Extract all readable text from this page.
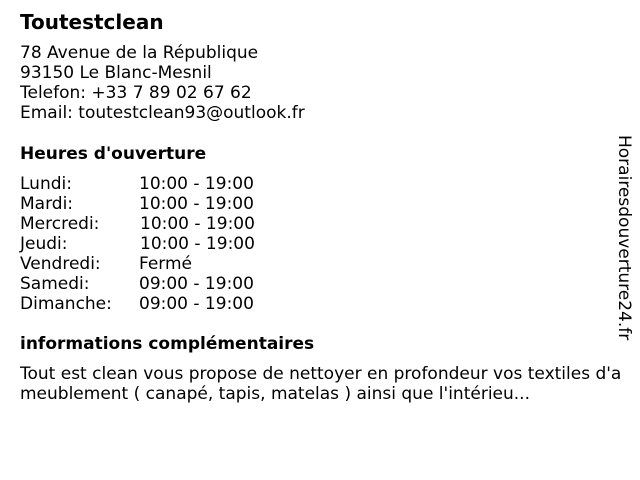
Toutestclean
78 Avenue de la République
93150 Le Blanc-Mesnil
Telefon: +33 7 89 02 67 62
Email: toutestclean93@outlook.fr
Heures d'ouverture
Lundi:	10:00 - 19:00
Mardi:	10:00 - 19:00
Mercredi: 10:00 - 19:00
Jeudi:	10:00 - 19:00
Vendredi: Fermé
Samedi:	09:00 - 19:00
Dimanche: 09:00 - 19:00
informations complémentaires
Tout est clean vous propose de nettoyer en profondeur vos textiles d'ameublement ( canapé, tapis, matelas ) ainsi que l'intérieu...
Horairesdouverture24.fr
